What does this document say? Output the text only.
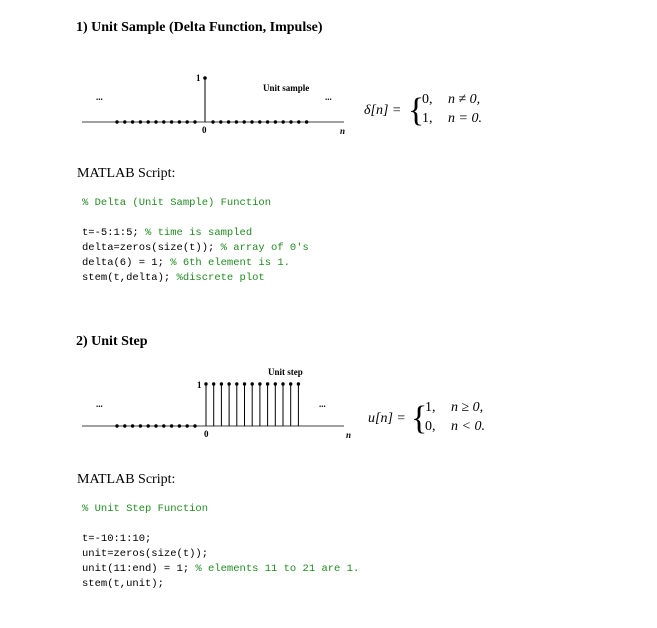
1) Unit Sample (Delta Function, Impulse)
1
0	n
...	...
Unit sample
δ[n] = {
0, n ≠ 0,
1, n = 0.
MATLAB Script:
% Delta (Unit Sample) Function

t=-5:1:5; % time is sampled
delta=zeros(size(t)); % array of 0's
delta(6) = 1; % 6th element is 1.
stem(t,delta); %discrete plot
2) Unit Step
1
0	n
...	...
Unit step
u[n] = {
1, n ≥ 0,
0, n < 0.
MATLAB Script:
% Unit Step Function

t=-10:1:10;
unit=zeros(size(t));
unit(11:end) = 1; % elements 11 to 21 are 1.
stem(t,unit);
